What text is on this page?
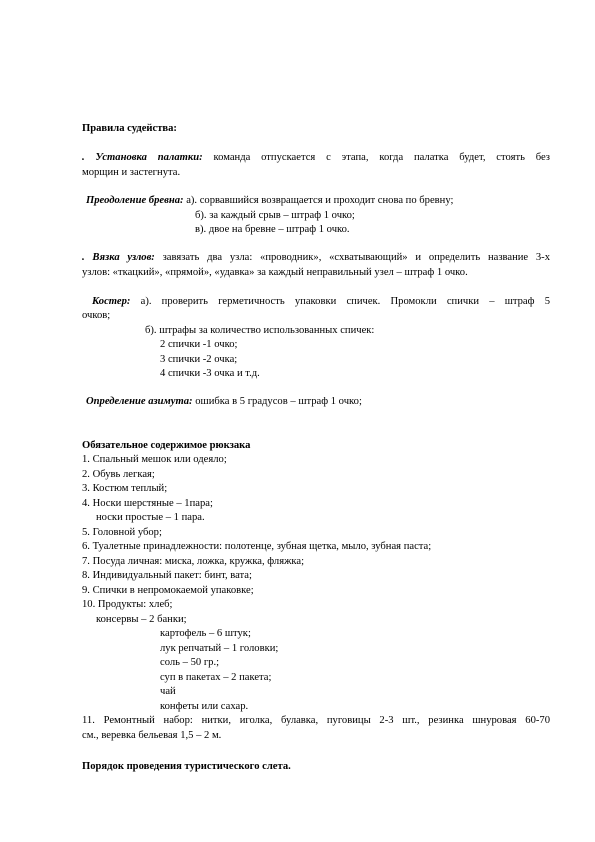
Правила судейства:
. Установка палатки: команда отпускается с этапа, когда палатка будет, стоять без
морщин и застегнута.
Преодоление бревна: а). сорвавшийся возвращается и проходит снова по бревну;
б). за каждый срыв – штраф 1 очко;
в). двое на бревне – штраф 1 очко.
. Вязка узлов: завязать два узла: «проводник», «схватывающий» и определить название 3-х
узлов: «ткацкий», «прямой», «удавка» за каждый неправильный узел – штраф 1 очко.
Костер: а). проверить герметичность упаковки спичек. Промокли спички – штраф 5
очков;
б). штрафы за количество использованных спичек:
2 спички -1 очко;
3 спички -2 очка;
4 спички -3 очка и т.д.
Определение азимута: ошибка в 5 градусов – штраф 1 очко;
Обязательное содержимое рюкзака
1. Спальный мешок или одеяло;
2. Обувь легкая;
3. Костюм теплый;
4. Носки шерстяные – 1пара;
носки простые – 1 пара.
5. Головной убор;
6. Туалетные принадлежности: полотенце, зубная щетка, мыло, зубная паста;
7. Посуда личная: миска, ложка, кружка, фляжка;
8. Индивидуальный пакет: бинт, вата;
9. Спички в непромокаемой упаковке;
10. Продукты: хлеб;
консервы – 2 банки;
картофель – 6 штук;
лук репчатый – 1 головки;
соль – 50 гр.;
суп в пакетах – 2 пакета;
чай
конфеты или сахар.
11. Ремонтный набор: нитки, иголка, булавка, пуговицы 2-3 шт., резинка шнуровая 60-70
см., веревка бельевая 1,5 – 2 м.
Порядок проведения туристического слета.
